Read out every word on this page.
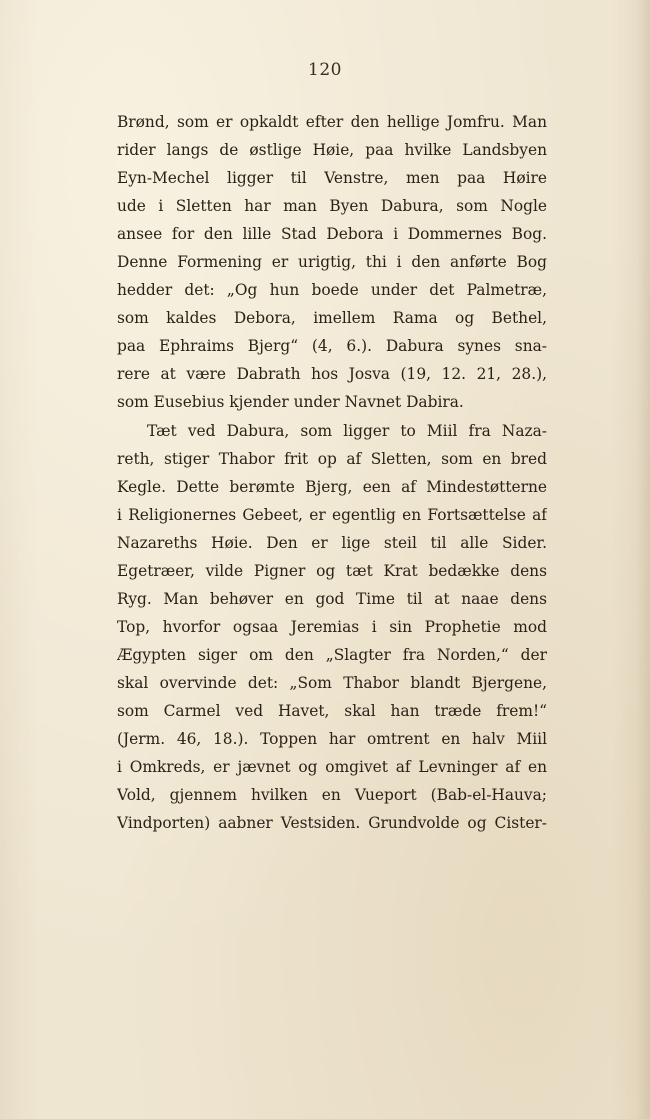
120
Brønd, som er opkaldt efter den hellige Jomfru. Man
rider langs de østlige Høie, paa hvilke Landsbyen
Eyn-Mechel ligger til Venstre, men paa Høire
ude i Sletten har man Byen Dabura, som Nogle
ansee for den lille Stad Debora i Dommernes Bog.
Denne Formening er urigtig, thi i den anførte Bog
hedder det: „Og hun boede under det Palmetræ,
som kaldes Debora, imellem Rama og Bethel,
paa Ephraims Bjerg“ (4, 6.). Dabura synes sna-
rere at være Dabrath hos Josva (19, 12. 21, 28.),
som Eusebius kjender under Navnet Dabira.
Tæt ved Dabura, som ligger to Miil fra Naza-
reth, stiger Thabor frit op af Sletten, som en bred
Kegle. Dette berømte Bjerg, een af Mindestøtterne
i Religionernes Gebeet, er egentlig en Fortsættelse af
Nazareths Høie. Den er lige steil til alle Sider.
Egetræer, vilde Pigner og tæt Krat bedække dens
Ryg. Man behøver en god Time til at naae dens
Top, hvorfor ogsaa Jeremias i sin Prophetie mod
Ægypten siger om den „Slagter fra Norden,“ der
skal overvinde det: „Som Thabor blandt Bjergene,
som Carmel ved Havet, skal han træde frem!“
(Jerm. 46, 18.). Toppen har omtrent en halv Miil
i Omkreds, er jævnet og omgivet af Levninger af en
Vold, gjennem hvilken en Vueport (Bab-el-Hauva;
Vindporten) aabner Vestsiden. Grundvolde og Cister-
